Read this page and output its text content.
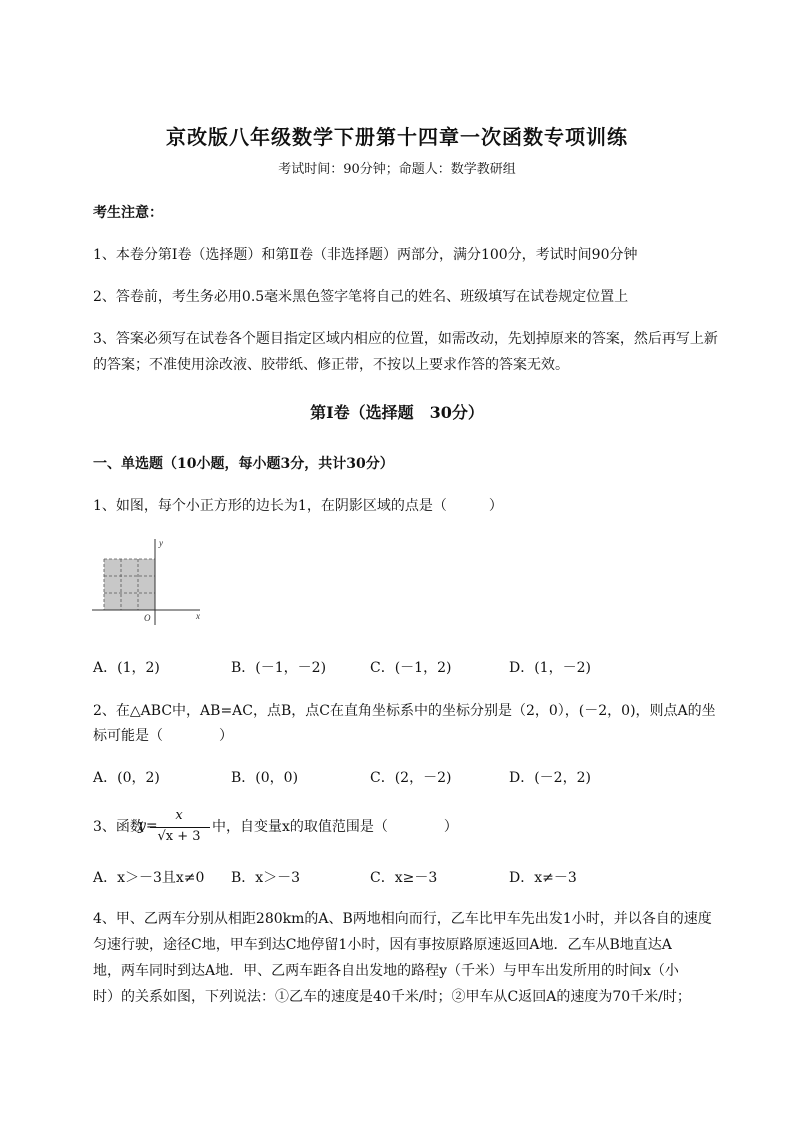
京改版八年级数学下册第十四章一次函数专项训练
考试时间：90分钟；命题人：数学教研组
考生注意：
1、本卷分第I卷（选择题）和第Ⅱ卷（非选择题）两部分，满分100分，考试时间90分钟
2、答卷前，考生务必用0.5毫米黑色签字笔将自己的姓名、班级填写在试卷规定位置上
3、答案必须写在试卷各个题目指定区域内相应的位置，如需改动，先划掉原来的答案，然后再写上新
的答案；不准使用涂改液、胶带纸、修正带，不按以上要求作答的答案无效。
第I卷（选择题　30分）
一、单选题（10小题，每小题3分，共计30分）
1、如图，每个小正方形的边长为1，在阴影区域的点是（　　　）
y
x
O
A．(1，2)	B．(－1，－2)	C．(－1，2)	D．(1，－2)
2、在△ABC中，AB=AC，点B，点C在直角坐标系中的坐标分别是（2，0），(－2，0)，则点A的坐
标可能是（　　　　）
A．(0，2)	B．(0，0)	C．(2，－2)	D．(－2，2)
3、函数
y=
x
√x + 3
中，自变量x的取值范围是（　　　　）
A．x＞－3且x≠0 B．x＞－3	C．x≥－3	D．x≠－3
4、甲、乙两车分别从相距280km的A、B两地相向而行，乙车比甲车先出发1小时，并以各自的速度
匀速行驶，途径C地，甲车到达C地停留1小时，因有事按原路原速返回A地．乙车从B地直达A
地，两车同时到达A地．甲、乙两车距各自出发地的路程y（千米）与甲车出发所用的时间x（小
时）的关系如图，下列说法：①乙车的速度是40千米/时；②甲车从C返回A的速度为70千米/时；
